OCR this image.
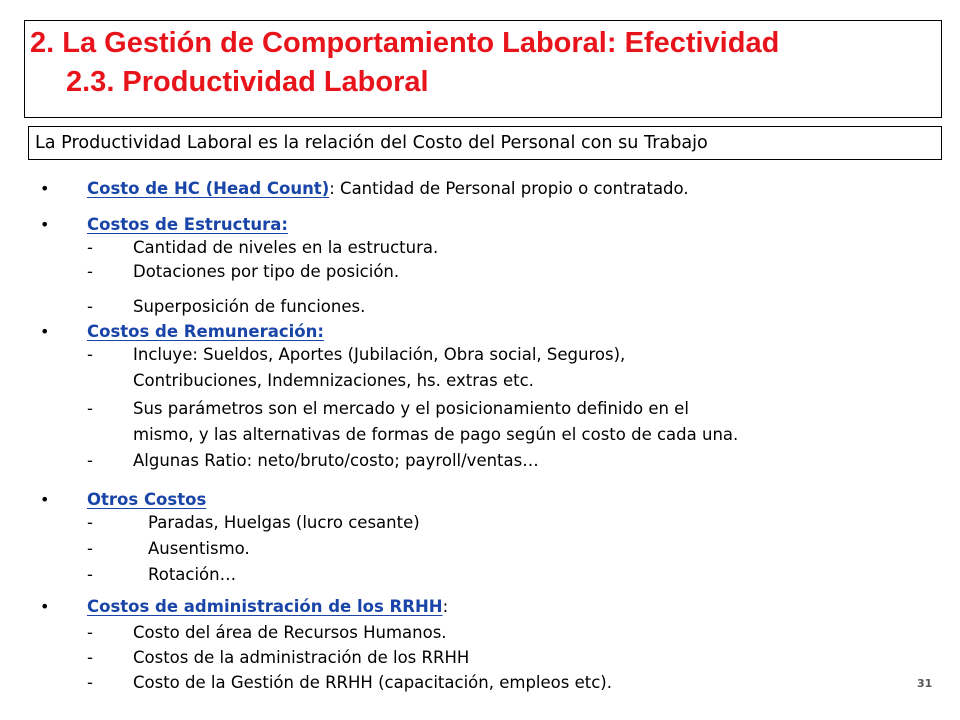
2. La Gestión de Comportamiento Laboral: Efectividad
2.3. Productividad Laboral
La Productividad Laboral es la relación del Costo del Personal con su Trabajo
• Costo de HC (Head Count): Cantidad de Personal propio o contratado.
• Costos de Estructura:
- Cantidad de niveles en la estructura.
- Dotaciones por tipo de posición.
- Superposición de funciones.
• Costos de Remuneración:
- Incluye: Sueldos, Aportes (Jubilación, Obra social, Seguros),
Contribuciones, Indemnizaciones, hs. extras etc.
- Sus parámetros son el mercado y el posicionamiento definido en el
mismo, y las alternativas de formas de pago según el costo de cada una.
- Algunas Ratio: neto/bruto/costo; payroll/ventas…
• Otros Costos
-	Paradas, Huelgas (lucro cesante)
-	Ausentismo.
-	Rotación…
• Costos de administración de los RRHH:
- Costo del área de Recursos Humanos.
- Costos de la administración de los RRHH
- Costo de la Gestión de RRHH (capacitación, empleos etc).	31
